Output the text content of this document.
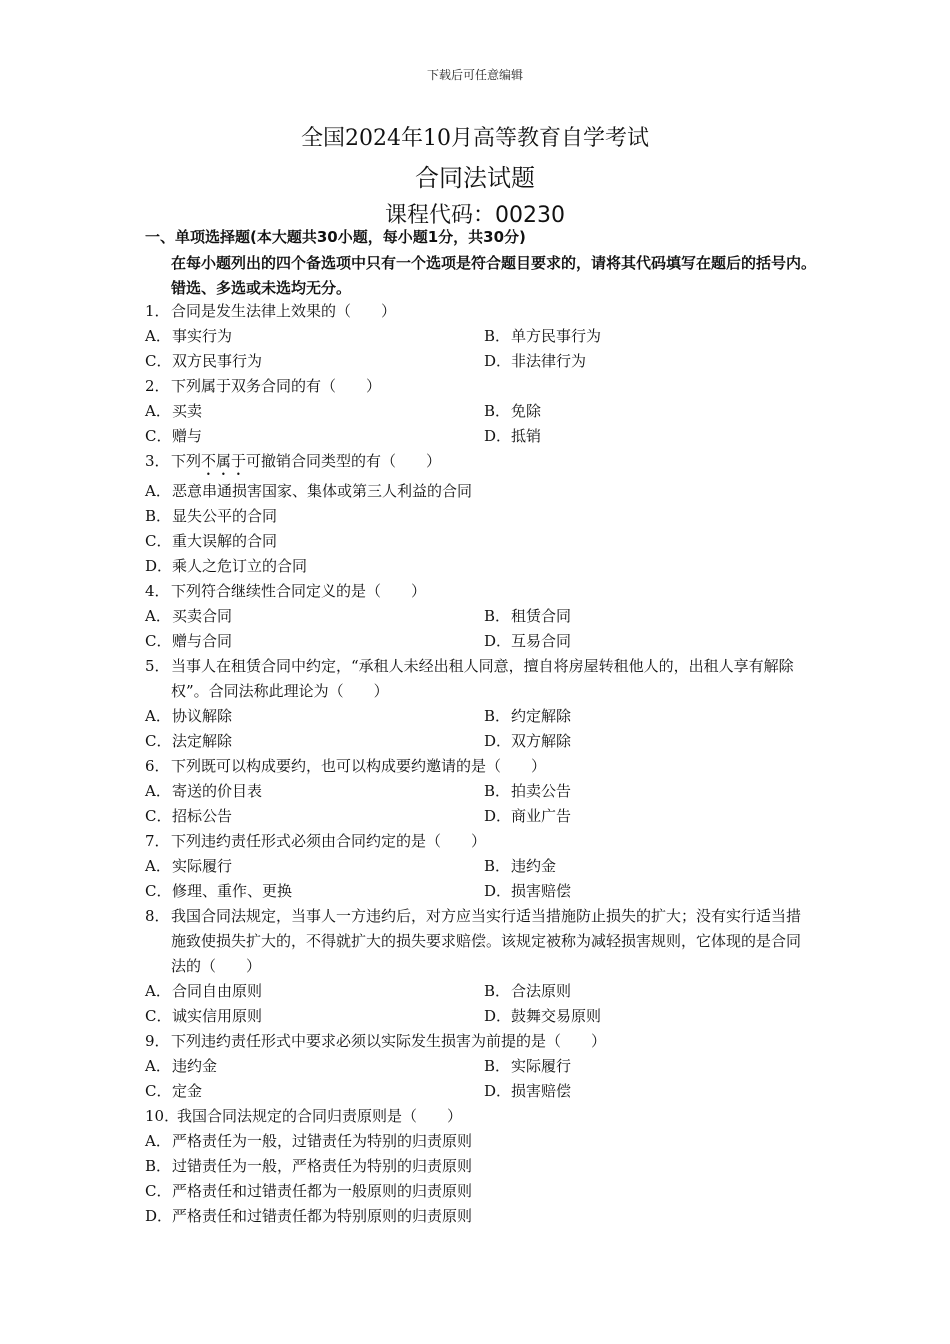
下载后可任意编辑
全国2024年10月高等教育自学考试
合同法试题
课程代码：00230
一、单项选择题(本大题共30小题，每小题1分，共30分)
在每小题列出的四个备选项中只有一个选项是符合题目要求的，请将其代码填写在题后的括号内。错选、多选或未选均无分。
1． 合同是发生法律上效果的（　　）
A．事实行为	B．单方民事行为
C．双方民事行为	D．非法律行为
2． 下列属于双务合同的有（　　）
A．买卖	B．免除
C．赠与	D．抵销
3． 下列不属于可撤销合同类型的有（　　）
A．恶意串通损害国家、集体或第三人利益的合同
B．显失公平的合同
C．重大误解的合同
D．乘人之危订立的合同
4． 下列符合继续性合同定义的是（　　）
A．买卖合同	B．租赁合同
C．赠与合同	D．互易合同
5． 当事人在租赁合同中约定，“承租人未经出租人同意，擅自将房屋转租他人的，出租人享有解除权”。合同法称此理论为（　　）
A．协议解除	B．约定解除
C．法定解除	D．双方解除
6． 下列既可以构成要约，也可以构成要约邀请的是（　　）
A．寄送的价目表	B．拍卖公告
C．招标公告	D．商业广告
7． 下列违约责任形式必须由合同约定的是（　　）
A．实际履行	B．违约金
C．修理、重作、更换	D．损害赔偿
8． 我国合同法规定，当事人一方违约后，对方应当实行适当措施防止损失的扩大；没有实行适当措施致使损失扩大的，不得就扩大的损失要求赔偿。该规定被称为减轻损害规则，它体现的是合同法的（　　）
A．合同自由原则	B．合法原则
C．诚实信用原则	D．鼓舞交易原则
9． 下列违约责任形式中要求必须以实际发生损害为前提的是（　　）
A．违约金	B．实际履行
C．定金	D．损害赔偿
10．
我国合同法规定的合同归责原则是（　　）
A．严格责任为一般，过错责任为特别的归责原则
B．过错责任为一般，严格责任为特别的归责原则
C．严格责任和过错责任都为一般原则的归责原则
D．严格责任和过错责任都为特别原则的归责原则
